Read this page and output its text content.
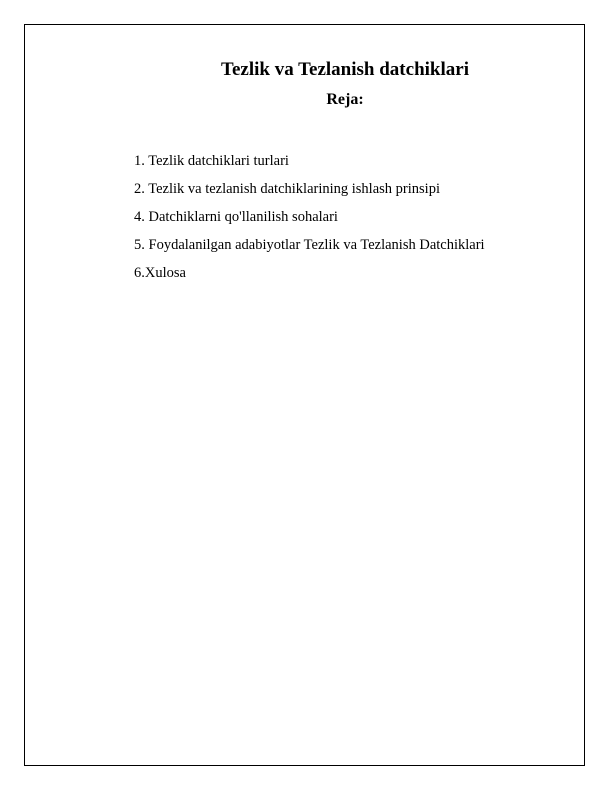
Tezlik va Tezlanish datchiklari
Reja:
1. Tezlik datchiklari turlari
2. Tezlik va tezlanish datchiklarining ishlash prinsipi
4. Datchiklarni qo'llanilish sohalari
5. Foydalanilgan adabiyotlar Tezlik va Tezlanish Datchiklari
6.Xulosa
